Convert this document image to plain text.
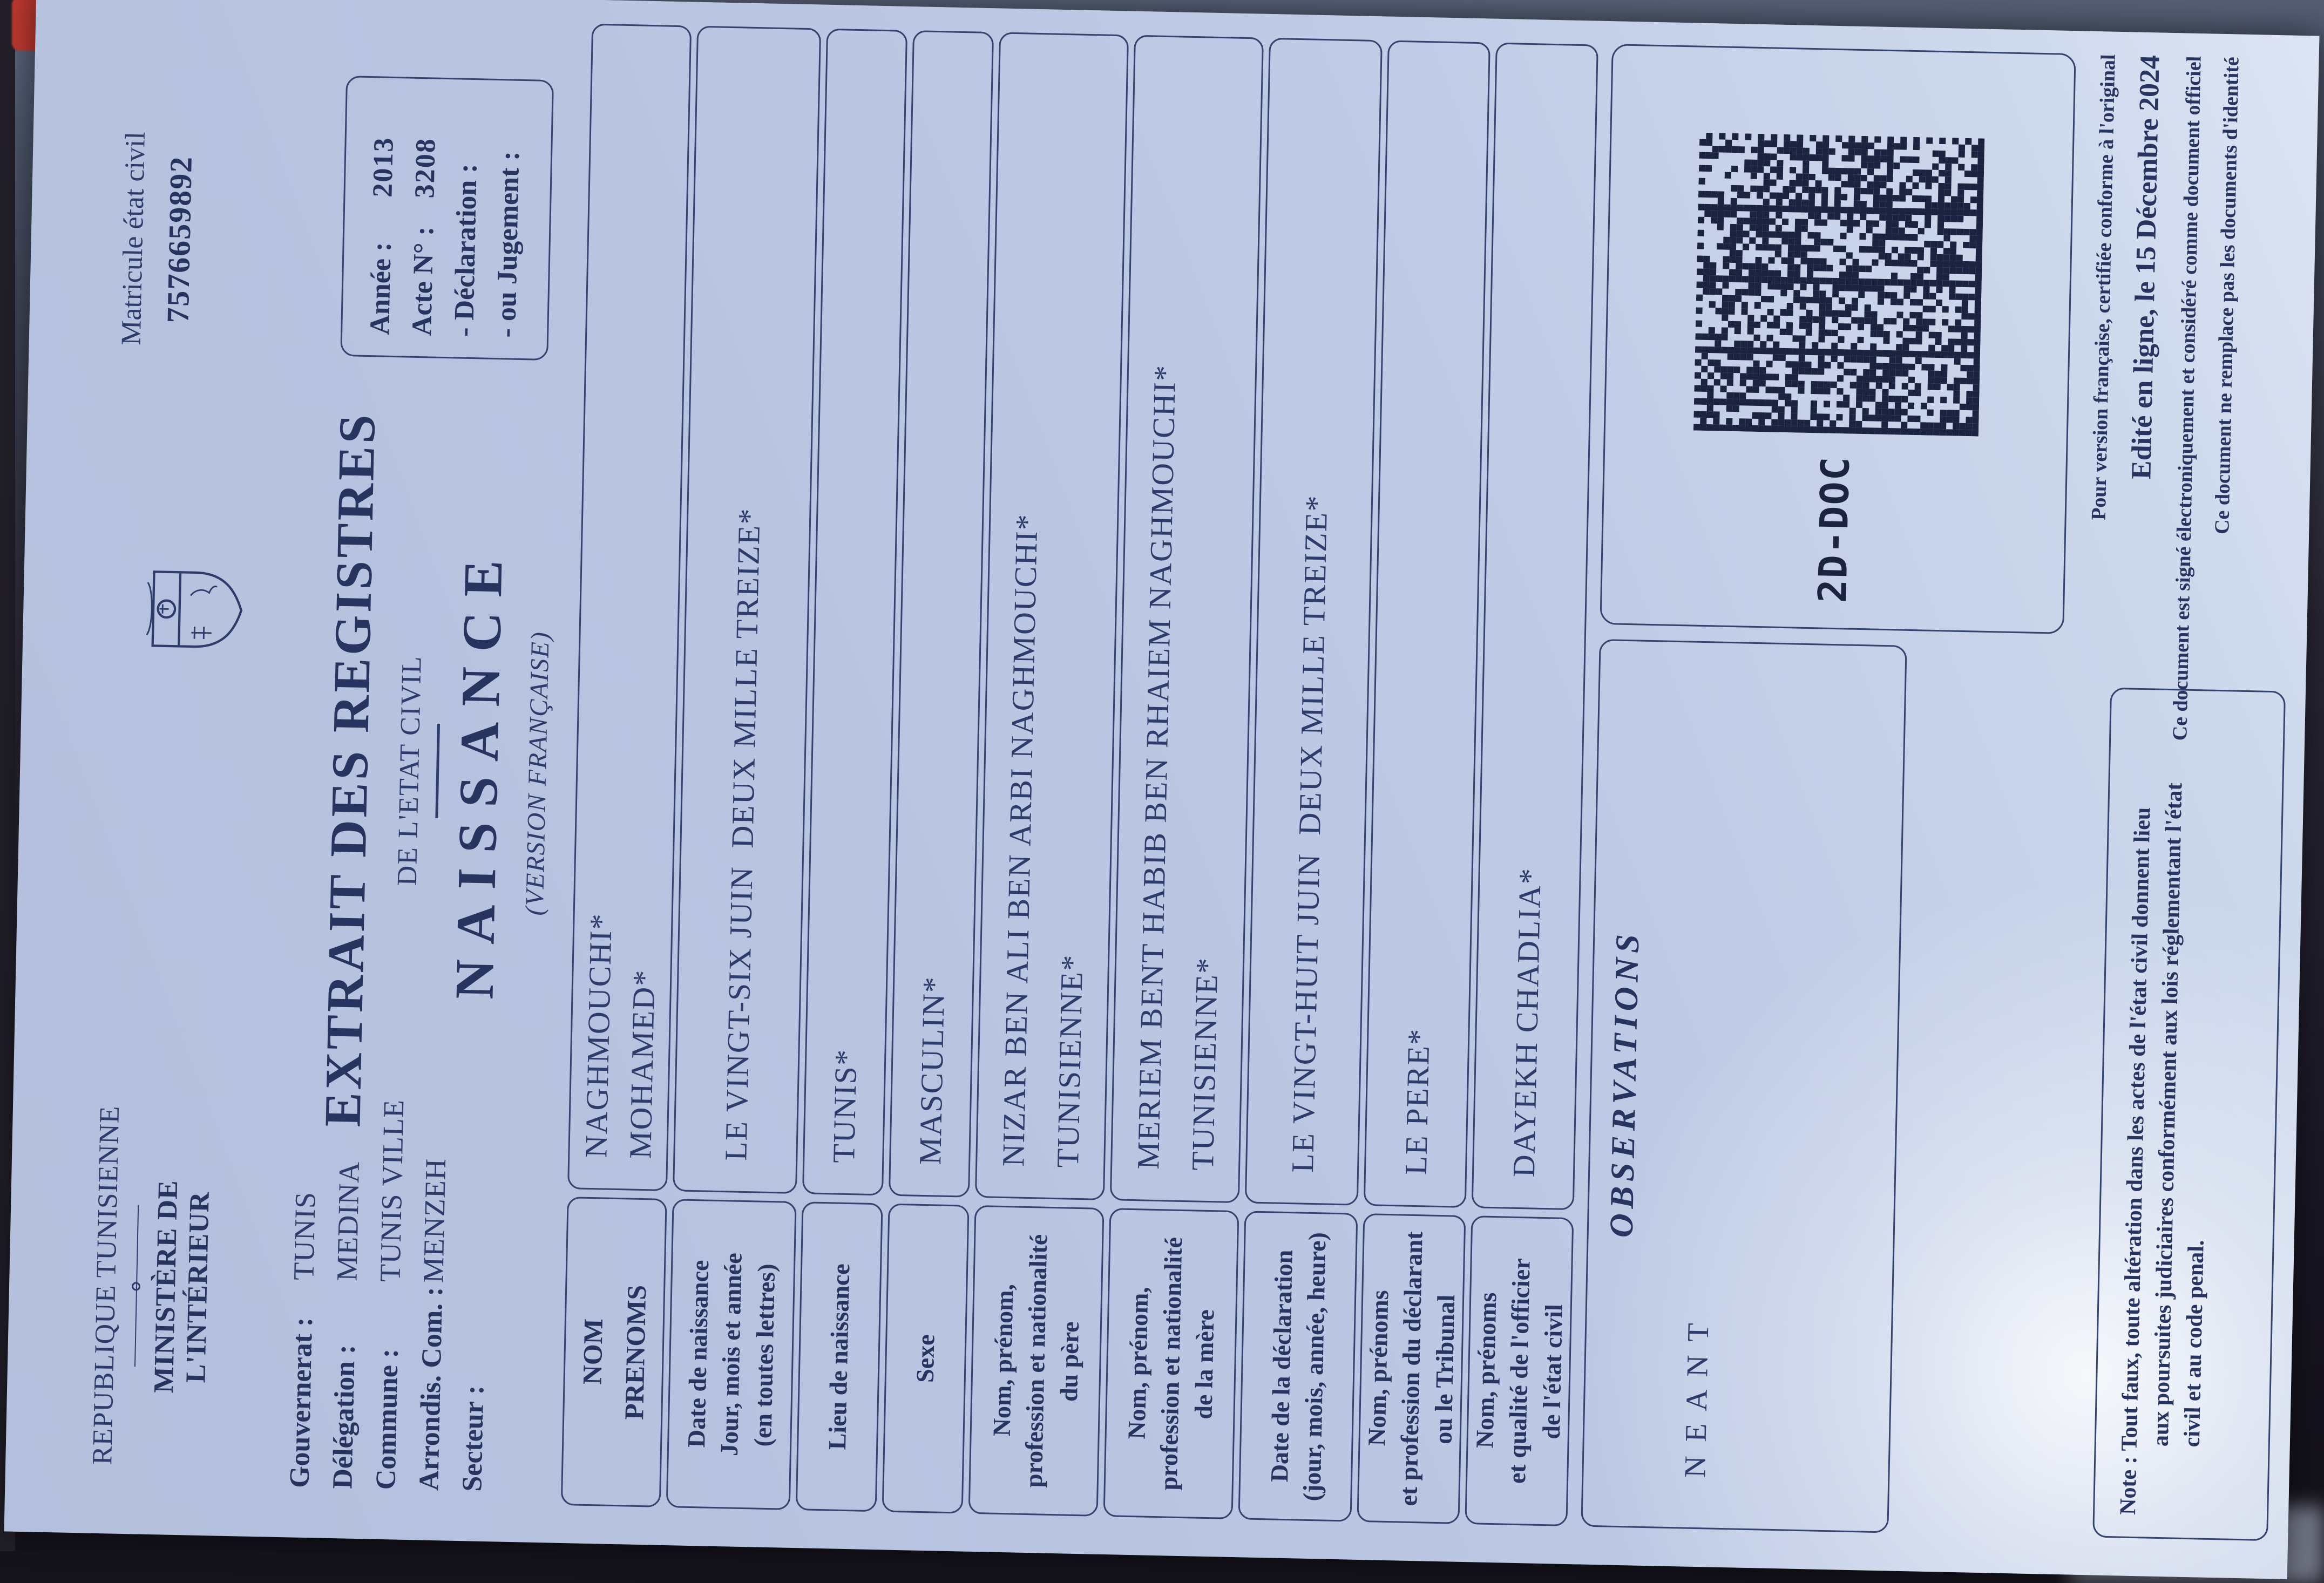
REPUBLIQUE TUNISIENNE MINISTÈRE DE L'INTÉRIEUR
Gouvernerat :
TUNIS
Délégation :
MEDINA
Commune :
TUNIS VILLE
Arrondis. Com. :
MENZEH
Secteur :
Matricule état civil 7576659892	Année :
2013
Acte N° :
3208 - Déclaration : - ou Jugement :
EXTRAIT DES REGISTRES DE L'ETAT CIVIL NAISSANCE (VERSION FRANÇAISE)
NOM PRENOMS
NAGHMOUCHI* MOHAMED*
Date de naissance Jour, mois et année (en toutes lettres)
LE VINGT-SIX JUIN  DEUX MILLE TREIZE*
Lieu de naissance
TUNIS*
Sexe
MASCULIN*
Nom, prénom, profession et nationalité du père
NIZAR BEN ALI BEN ARBI NAGHMOUCHI* TUNISIENNE*
Nom, prénom, profession et nationalité de la mère
MERIEM BENT HABIB BEN RHAIEM NAGHMOUCHI* TUNISIENNE*
Date de la déclaration (jour, mois, année, heure)
LE VINGT-HUIT JUIN  DEUX MILLE TREIZE*
Nom, prénoms et profession du déclarant ou le Tribunal
LE PERE*
Nom, prénoms et qualité de l'officier de l'état civil
DAYEKH CHADLIA* OBSERVATIONS
N E A N T
2D-DOC
Pour version française, certifiée conforme à l'original Edité en ligne, le 15 Décembre 2024 Ce document est signé électroniquement et considéré comme document officiel Ce document ne remplace pas les documents d'identité
Note : Tout faux, toute altération dans les actes de l'état civil donnent lieu
aux poursuites judiciaires conformément aux lois réglementant l'état
civil et au code penal.
